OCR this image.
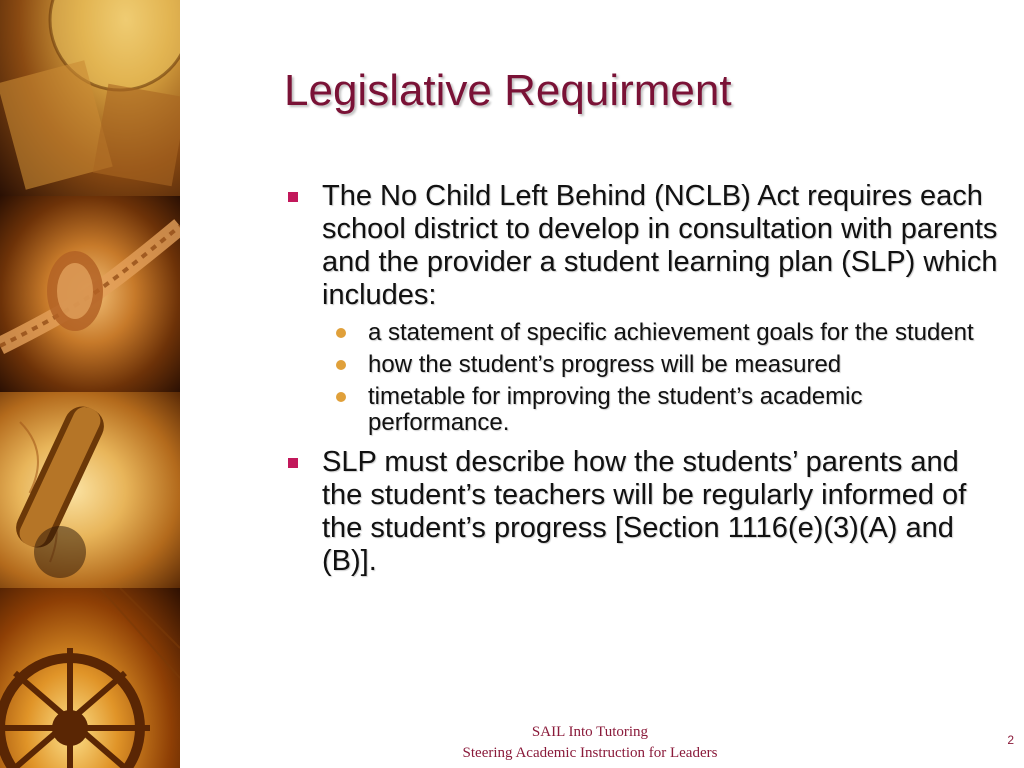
Legislative Requirment
The No Child Left Behind (NCLB) Act requires each school district to develop in consultation with parents and the provider a student learning plan (SLP) which includes:
a statement of specific achievement goals for the student
how the student’s progress will be measured
timetable for improving the student’s academic performance.
SLP must describe how the students’ parents and the student’s teachers will be regularly informed of the student’s progress [Section 1116(e)(3)(A) and (B)].
SAIL Into Tutoring
Steering Academic Instruction for Leaders
2
